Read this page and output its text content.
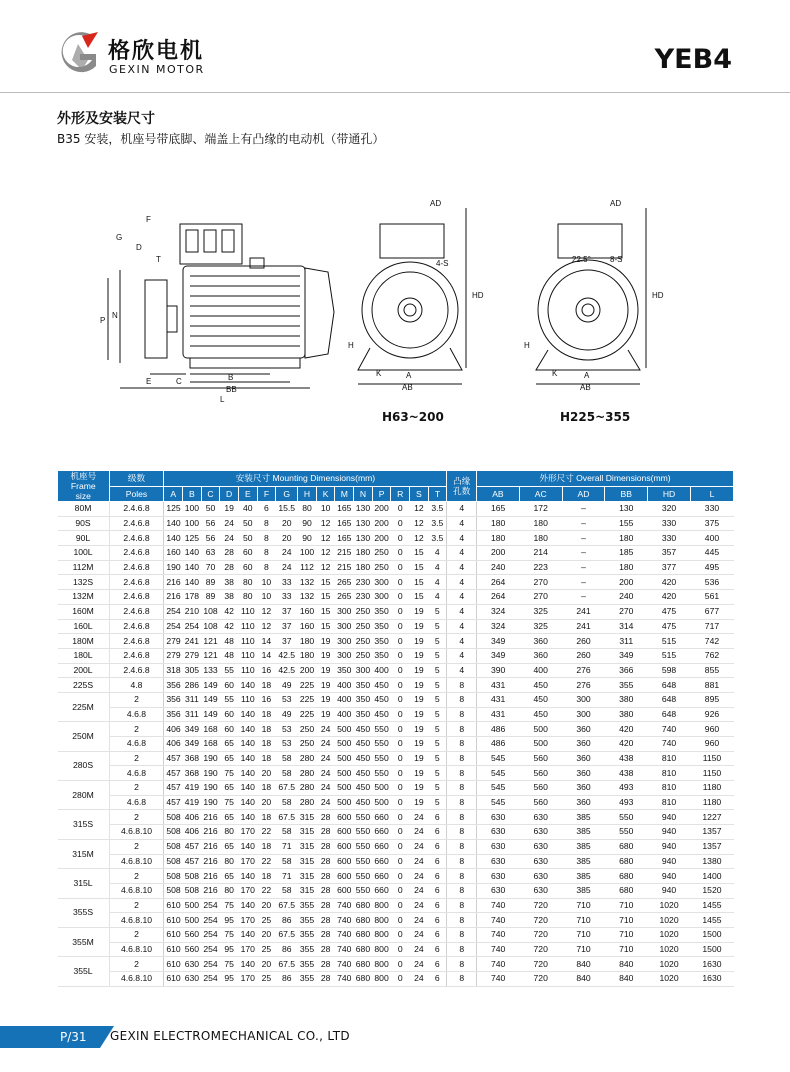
格欣电机
GEXIN MOTOR	YEB4
外形及安装尺寸
B35 安装，机座号带底脚、端盖上有凸缘的电动机（带通孔）
F
G
D
T
P
N
E	C	B
BB
L
AD
4-S
HD
H
K	A
AB
AD
22.5° 8-S
HD
H
K	A
AB
H63~200	H225~355
机座号
Frame
size	级数	安装尺寸 Mounting Dimensions(mm)															凸缘
孔数	外形尺寸 Overall Dimensions(mm)					
	Poles	A	B	C	D	E	F	G	H	K	M	N	P	R	S	T		AB	AC	AD	BB	HD	L
80M	2.4.6.8	125	100	50	19	40	6	15.5	80	10	165	130	200	0	12	3.5	4	165	172	–	130	320	330
90S	2.4.6.8	140	100	56	24	50	8	20	90	12	165	130	200	0	12	3.5	4	180	180	–	155	330	375
90L	2.4.6.8	140	125	56	24	50	8	20	90	12	165	130	200	0	12	3.5	4	180	180	–	180	330	400
100L	2.4.6.8	160	140	63	28	60	8	24	100	12	215	180	250	0	15	4	4	200	214	–	185	357	445
112M	2.4.6.8	190	140	70	28	60	8	24	112	12	215	180	250	0	15	4	4	240	223	–	180	377	495
132S	2.4.6.8	216	140	89	38	80	10	33	132	15	265	230	300	0	15	4	4	264	270	–	200	420	536
132M	2.4.6.8	216	178	89	38	80	10	33	132	15	265	230	300	0	15	4	4	264	270	–	240	420	561
160M	2.4.6.8	254	210	108	42	110	12	37	160	15	300	250	350	0	19	5	4	324	325	241	270	475	677
160L	2.4.6.8	254	254	108	42	110	12	37	160	15	300	250	350	0	19	5	4	324	325	241	314	475	717
180M	2.4.6.8	279	241	121	48	110	14	37	180	19	300	250	350	0	19	5	4	349	360	260	311	515	742
180L	2.4.6.8	279	279	121	48	110	14	42.5	180	19	300	250	350	0	19	5	4	349	360	260	349	515	762
200L	2.4.6.8	318	305	133	55	110	16	42.5	200	19	350	300	400	0	19	5	4	390	400	276	366	598	855
225S	4.8	356	286	149	60	140	18	49	225	19	400	350	450	0	19	5	8	431	450	276	355	648	881
225M	2	356	311	149	55	110	16	53	225	19	400	350	450	0	19	5	8	431	450	300	380	648	895
	4.6.8	356	311	149	60	140	18	49	225	19	400	350	450	0	19	5	8	431	450	300	380	648	926
250M	2	406	349	168	60	140	18	53	250	24	500	450	550	0	19	5	8	486	500	360	420	740	960
	4.6.8	406	349	168	65	140	18	53	250	24	500	450	550	0	19	5	8	486	500	360	420	740	960
280S	2	457	368	190	65	140	18	58	280	24	500	450	550	0	19	5	8	545	560	360	438	810	1150
	4.6.8	457	368	190	75	140	20	58	280	24	500	450	550	0	19	5	8	545	560	360	438	810	1150
280M	2	457	419	190	65	140	18	67.5	280	24	500	450	500	0	19	5	8	545	560	360	493	810	1180
	4.6.8	457	419	190	75	140	20	58	280	24	500	450	500	0	19	5	8	545	560	360	493	810	1180
315S	2	508	406	216	65	140	18	67.5	315	28	600	550	660	0	24	6	8	630	630	385	550	940	1227
	4.6.8.10	508	406	216	80	170	22	58	315	28	600	550	660	0	24	6	8	630	630	385	550	940	1357
315M	2	508	457	216	65	140	18	71	315	28	600	550	660	0	24	6	8	630	630	385	680	940	1357
	4.6.8.10	508	457	216	80	170	22	58	315	28	600	550	660	0	24	6	8	630	630	385	680	940	1380
315L	2	508	508	216	65	140	18	71	315	28	600	550	660	0	24	6	8	630	630	385	680	940	1400
	4.6.8.10	508	508	216	80	170	22	58	315	28	600	550	660	0	24	6	8	630	630	385	680	940	1520
355S	2	610	500	254	75	140	20	67.5	355	28	740	680	800	0	24	6	8	740	720	710	710	1020	1455
	4.6.8.10	610	500	254	95	170	25	86	355	28	740	680	800	0	24	6	8	740	720	710	710	1020	1455
355M	2	610	560	254	75	140	20	67.5	355	28	740	680	800	0	24	6	8	740	720	710	710	1020	1500
	4.6.8.10	610	560	254	95	170	25	86	355	28	740	680	800	0	24	6	8	740	720	710	710	1020	1500
355L	2	610	630	254	75	140	20	67.5	355	28	740	680	800	0	24	6	8	740	720	840	840	1020	1630
	4.6.8.10	610	630	254	95	170	25	86	355	28	740	680	800	0	24	6	8	740	720	840	840	1020	1630
P/31	GEXIN ELECTROMECHANICAL CO., LTD
